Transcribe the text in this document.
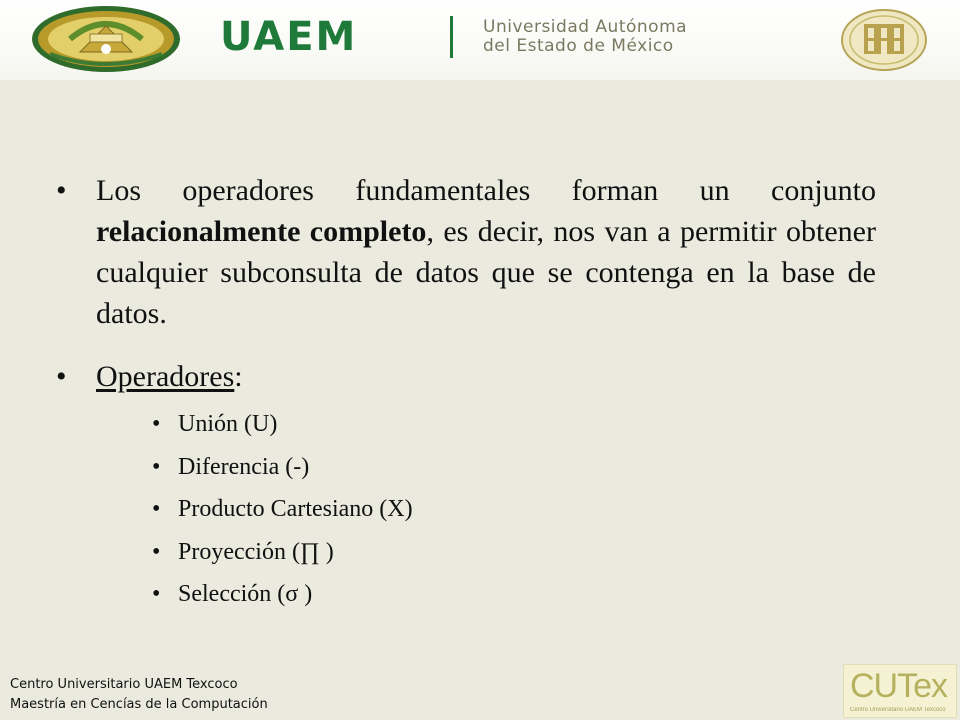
UAEM	Universidad Autónoma
del Estado de México
• Los operadores fundamentales forman un conjunto relacionalmente completo, es decir, nos van a permitir obtener cualquier subconsulta de datos que se contenga en la base de datos.

• Operadores:

• Unión (U)
• Diferencia (-)
• Producto Cartesiano (X)
• Proyección (∏ )
• Selección (σ )
Centro Universitario UAEM Texcoco
Maestría en Cencías de la Computación	CUTex
Centro Universitario UAEM Texcoco
